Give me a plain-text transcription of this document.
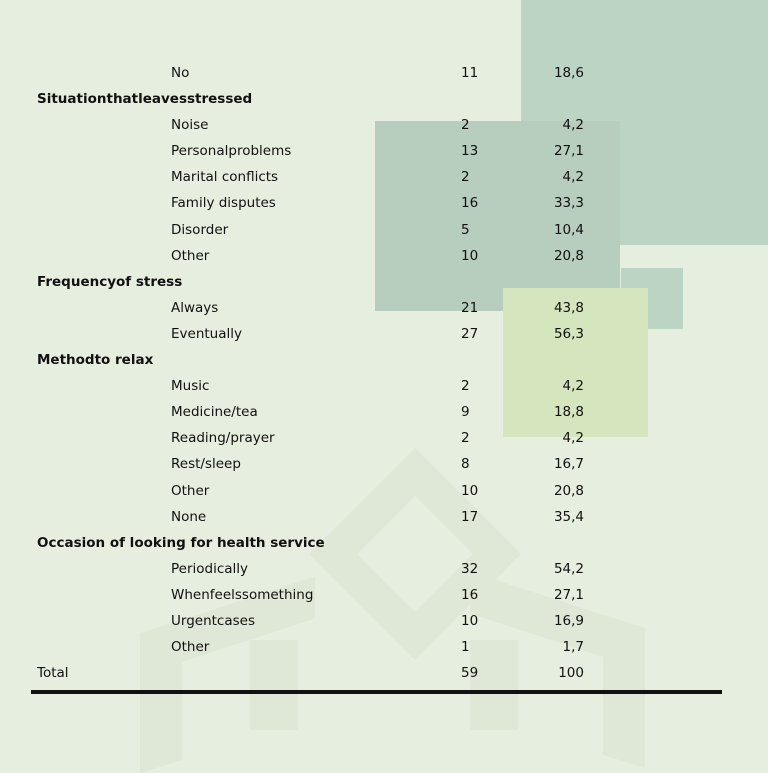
No	11	18,6
Situationthatleavesstressed
Noise	2	4,2
Personalproblems	13	27,1
Marital conflicts	2	4,2
Family disputes	16	33,3
Disorder	5	10,4
Other	10	20,8
Frequencyof stress
Always	21	43,8
Eventually	27	56,3
Methodto relax
Music	2	4,2
Medicine/tea	9	18,8
Reading/prayer	2	4,2
Rest/sleep	8	16,7
Other	10	20,8
None	17	35,4
Occasion of looking for health service
Periodically	32	54,2
Whenfeelssomething	16	27,1
Urgentcases	10	16,9
Other	1	1,7
Total	59	100
